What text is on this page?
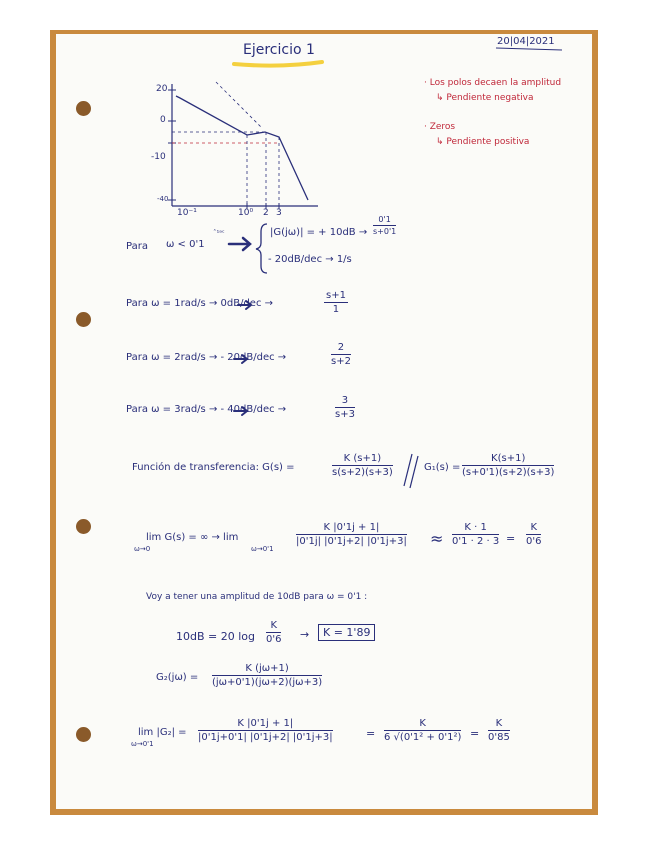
Ejercicio 1
20|04|2021
· Los polos decaen la amplitud
↳ Pendiente negativa
· Zeros
↳ Pendiente positiva
20
0
-10
-40
10⁻¹	10⁰ 2 3
Para ω < 0'1
ˆ¹ᵃᶜ	|G(jω)| = + $10dB \to \frac{0'1}{s+0'1}$
- 20dB/dec → 1/s
Para ω = 1rad/s → 0dB/dec →	$\frac{s+1}{1}$
Para ω = 2rad/s → - 20dB/dec →	$\frac{2}{s+2}$
Para ω = 3rad/s → - 40dB/dec →	$\frac{3}{s+3}$
Función de transferencia: G(s) =	$\frac{K (s+1)}{s(s+2)(s+3)}$	$G_1(s) = \frac{K(s+1)}{(s+0'1)(s+2)(s+3)}$
lim G(s) = ∞ → lim
ω→0	ω→0'1
$\frac{K |0'1j + 1|}{|0'1j| |0'1j+2| |0'1j+3|} \approx \frac{K \cdot 1}{0'1 \cdot 2 \cdot 3} = \frac{K}{0'6}$
Voy a tener una amplitud de 10dB para ω = 0'1 :
10dB = 20 $\log \frac{K}{0'6}$ →	K = 1'89
$G_2(j\omega) = \frac{K (j\omega+1)}{(j\omega+0'1)(j\omega+2)(j\omega+3)}$
lim |G₂| =
ω→0'1
$\frac{K |0'1j + 1|}{|0'1j+0'1| |0'1j+2| |0'1j+3|}$	= $\frac{K}{\text{6 √(0'1² + 0'1²)}} = \frac{K}{0'85}$
